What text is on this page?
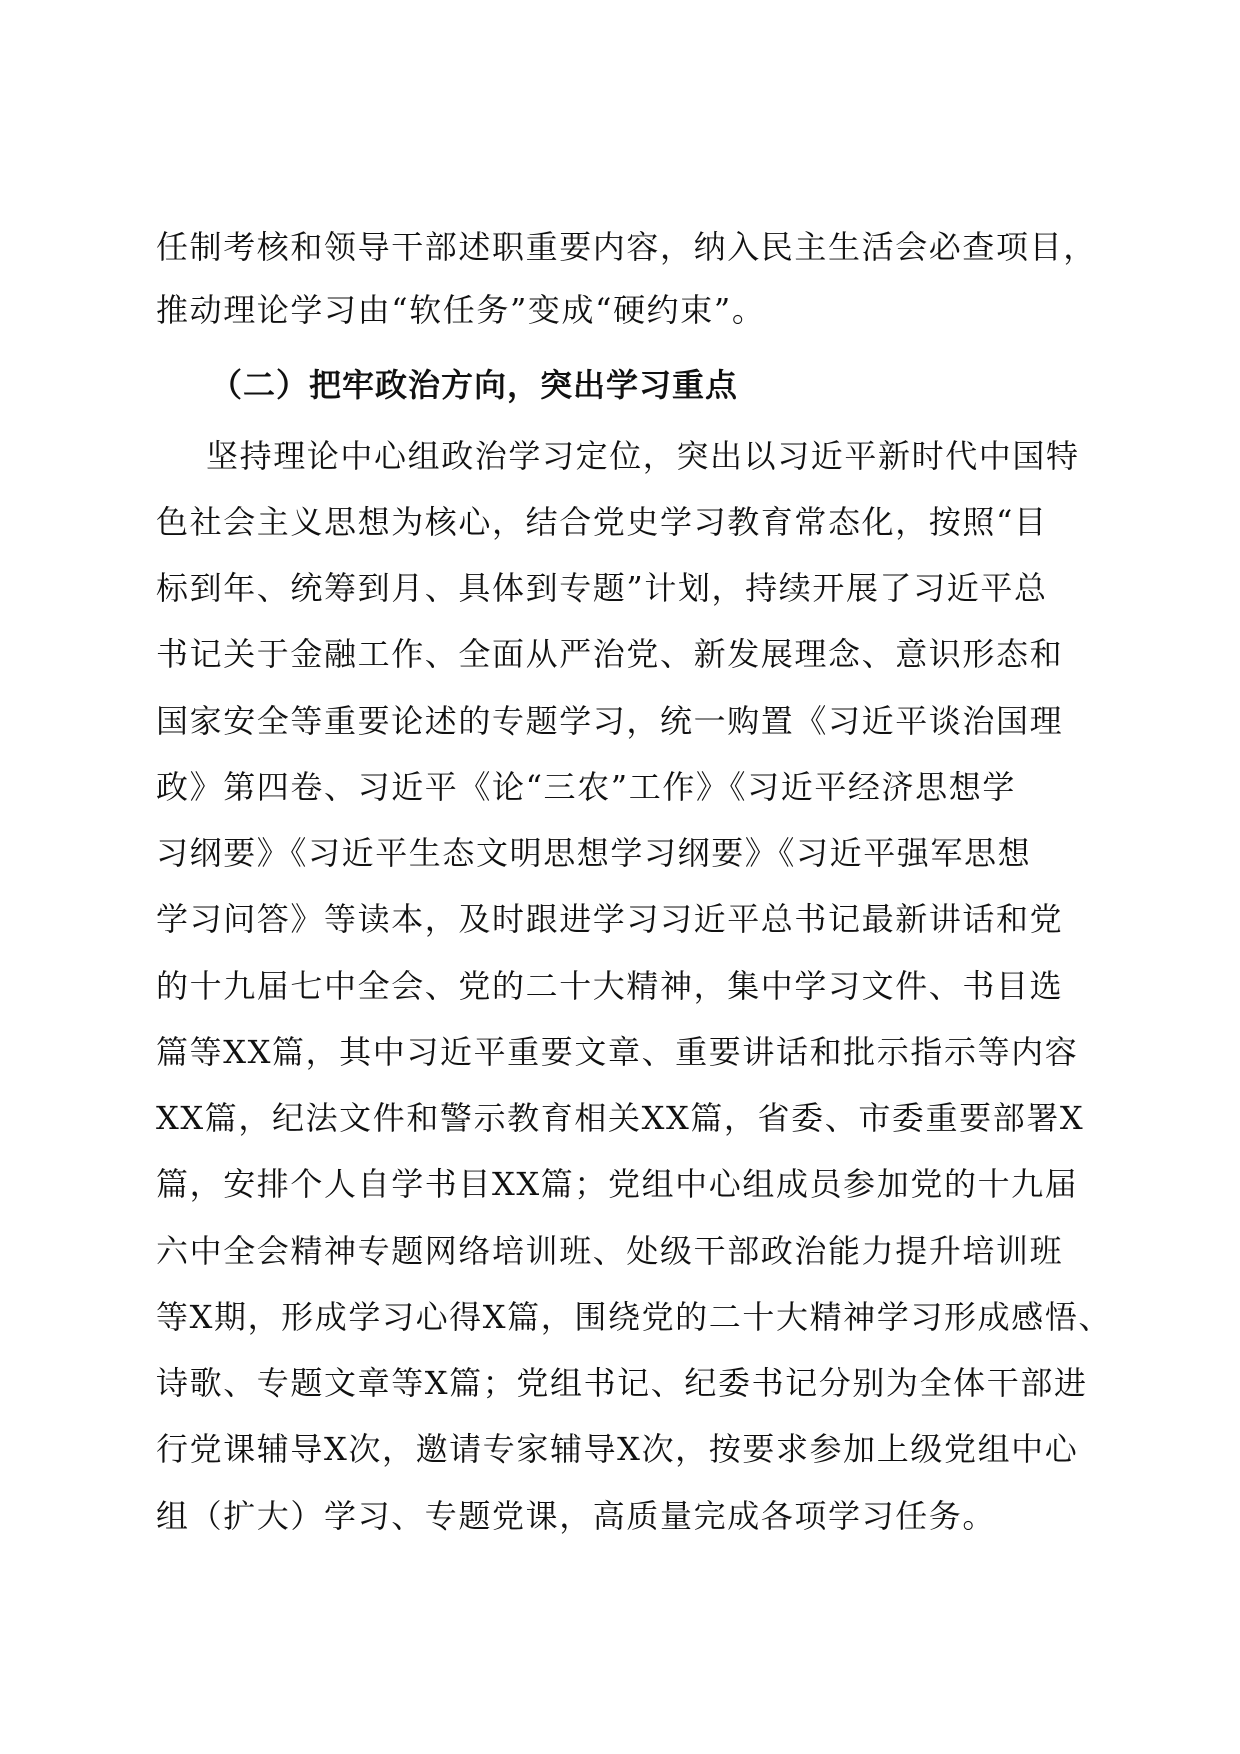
任制考核和领导干部述职重要内容，纳入民主生活会必查项目，
推动理论学习由“软任务”变成“硬约束”。
（二）把牢政治方向，突出学习重点
坚持理论中心组政治学习定位，突出以习近平新时代中国特
色社会主义思想为核心，结合党史学习教育常态化，按照“目
标到年、统筹到月、具体到专题”计划，持续开展了习近平总
书记关于金融工作、全面从严治党、新发展理念、意识形态和
国家安全等重要论述的专题学习，统一购置《习近平谈治国理
政》第四卷、习近平《论“三农”工作》《习近平经济思想学
习纲要》《习近平生态文明思想学习纲要》《习近平强军思想
学习问答》等读本，及时跟进学习习近平总书记最新讲话和党
的十九届七中全会、党的二十大精神，集中学习文件、书目选
篇等XX篇，其中习近平重要文章、重要讲话和批示指示等内容
XX篇，纪法文件和警示教育相关XX篇，省委、市委重要部署X
篇，安排个人自学书目XX篇；党组中心组成员参加党的十九届
六中全会精神专题网络培训班、处级干部政治能力提升培训班
等X期，形成学习心得X篇，围绕党的二十大精神学习形成感悟、
诗歌、专题文章等X篇；党组书记、纪委书记分别为全体干部进
行党课辅导X次，邀请专家辅导X次，按要求参加上级党组中心
组（扩大）学习、专题党课，高质量完成各项学习任务。
